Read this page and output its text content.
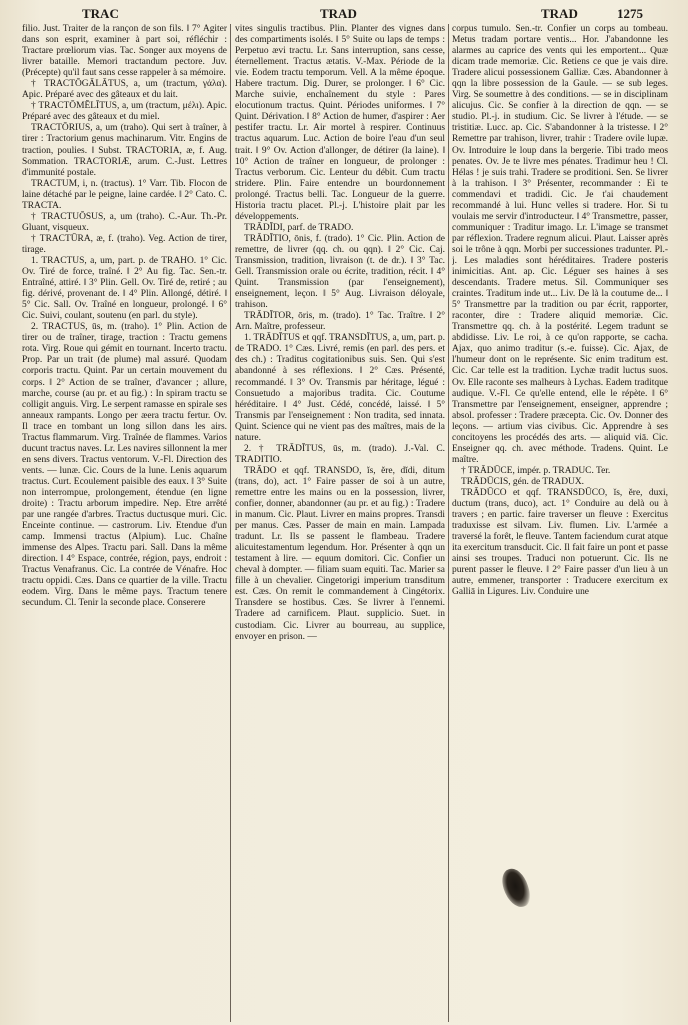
TRAC	TRAD	TRAD	1275

filio. Just. Traiter de la rançon de son fils. ‖ 7° Agiter dans son esprit, examiner à part soi, réfléchir : Tractare prœliorum vias. Tac. Songer aux moyens de livrer bataille. Memori tractandum pectore. Juv. (Précepte) qu'il faut sans cesse rappeler à sa mémoire.

† TRACTŌGĀLĀTUS, a, um (tractum, γάλα). Apic. Préparé avec des gâteaux et du lait.

† TRACTŌMĔLĪTUS, a, um (tractum, μέλι). Apic. Préparé avec des gâteaux et du miel.

TRACTŌRIUS, a, um (traho). Qui sert à traîner, à tirer : Tractorium genus machinarum. Vitr. Engins de traction, poulies. ‖ Subst. TRACTORIA, æ, f. Aug. Sommation. TRACTORIÆ, arum. C.-Just. Lettres d'immunité postale.

TRACTUM, i, n. (tractus). 1° Varr. Tib. Flocon de laine détaché par le peigne, laine cardée. ‖ 2° Cato. C. TRACTA.

† TRACTUŌSUS, a, um (traho). C.-Aur. Th.-Pr. Gluant, visqueux.

† TRACTŪRA, æ, f. (traho). Veg. Action de tirer, tirage.

1. TRACTUS, a, um, part. p. de TRAHO. 1° Cic. Ov. Tiré de force, traîné. ‖ 2° Au fig. Tac. Sen.-tr. Entraîné, attiré. ‖ 3° Plin. Gell. Ov. Tiré de, retiré ; au fig. dérivé, provenant de. ‖ 4° Plin. Allongé, détiré. ‖ 5° Cic. Sall. Ov. Traîné en longueur, prolongé. ‖ 6° Cic. Suivi, coulant, soutenu (en parl. du style).

2. TRACTUS, ūs, m. (traho). 1° Plin. Action de tirer ou de traîner, tirage, traction : Tractu gemens rota. Virg. Roue qui gémit en tournant. Incerto tractu. Prop. Par un trait (de plume) mal assuré. Quodam corporis tractu. Quint. Par un certain mouvement du corps. ‖ 2° Action de se traîner, d'avancer ; allure, marche, course (au pr. et au fig.) : In spiram tractu se colligit anguis. Virg. Le serpent ramasse en spirale ses anneaux rampants. Longo per æera tractu fertur. Ov. Il trace en tombant un long sillon dans les airs. Tractus flammarum. Virg. Traînée de flammes. Varios ducunt tractus naves. Lr. Les navires sillonnent la mer en sens divers. Tractus ventorum. V.-Fl. Direction des vents. — lunæ. Cic. Cours de la lune. Lenis aquarum tractus. Curt. Ecoulement paisible des eaux. ‖ 3° Suite non interrompue, prolongement, étendue (en ligne droite) : Tractu arborum impedire. Nep. Etre arrêté par une rangée d'arbres. Tractus ductusque muri. Cic. Enceinte continue. — castrorum. Liv. Etendue d'un camp. Immensi tractus (Alpium). Luc. Chaîne immense des Alpes. Tractu pari. Sall. Dans la même direction. ‖ 4° Espace, contrée, région, pays, endroit : Tractus Venafranus. Cic. La contrée de Vénafre. Hoc tractu oppidi. Cæs. Dans ce quartier de la ville. Tractu eodem. Virg. Dans le même pays. Tractum tenere secundum. Cl. Tenir la seconde place. Conserere

vites singulis tractibus. Plin. Planter des vignes dans des compartiments isolés. ‖ 5° Suite ou laps de temps : Perpetuo ævi tractu. Lr. Sans interruption, sans cesse, éternellement. Tractus ætatis. V.-Max. Période de la vie. Eodem tractu temporum. Vell. A la même époque. Habere tractum. Dig. Durer, se prolonger. ‖ 6° Cic. Marche suivie, enchaînement du style : Pares elocutionum tractus. Quint. Périodes uniformes. ‖ 7° Quint. Dérivation. ‖ 8° Action de humer, d'aspirer : Aer pestifer tractu. Lr. Air mortel à respirer. Continuus tractus aquarum. Luc. Action de boire l'eau d'un seul trait. ‖ 9° Ov. Action d'allonger, de détirer (la laine). ‖ 10° Action de traîner en longueur, de prolonger : Tractus verborum. Cic. Lenteur du débit. Cum tractu stridere. Plin. Faire entendre un bourdonnement prolongé. Tractus belli. Tac. Longueur de la guerre. Historia tractu placet. Pl.-j. L'histoire plait par les développements.

TRĀDĬDI, parf. de TRADO.

TRĀDĬTIO, ōnis, f. (trado). 1° Cic. Plin. Action de remettre, de livrer (qq. ch. ou qqn). ‖ 2° Cic. Caj. Transmission, tradition, livraison (t. de dr.). ‖ 3° Tac. Gell. Transmission orale ou écrite, tradition, récit. ‖ 4° Quint. Transmission (par l'enseignement), enseignement, leçon. ‖ 5° Aug. Livraison déloyale, trahison.

TRĀDĬTOR, ōris, m. (trado). 1° Tac. Traître. ‖ 2° Arn. Maître, professeur.

1. TRĀDĬTUS et qqf. TRANSDĬTUS, a, um, part. p. de TRADO. 1° Cæs. Livré, remis (en parl. des pers. et des ch.) : Traditus cogitationibus suis. Sen. Qui s'est abandonné à ses réflexions. ‖ 2° Cæs. Présenté, recommandé. ‖ 3° Ov. Transmis par héritage, légué : Consuetudo a majoribus tradita. Cic. Coutume héréditaire. ‖ 4° Just. Cédé, concédé, laissé. ‖ 5° Transmis par l'enseignement : Non tradita, sed innata. Quint. Science qui ne vient pas des maîtres, mais de la nature.

2. † TRĀDĬTUS, ūs, m. (trado). J.-Val. C. TRADITIO.

TRĀDO et qqf. TRANSDO, ĭs, ĕre, dĭdi, ditum (trans, do), act. 1° Faire passer de soi à un autre, remettre entre les mains ou en la possession, livrer, confier, donner, abandonner (au pr. et au fig.) : Tradere in manum. Cic. Plaut. Livrer en mains propres. Transdi per manus. Cæs. Passer de main en main. Lampada tradunt. Lr. Ils se passent le flambeau. Tradere alicuitestamentum legendum. Hor. Présenter à qqn un testament à lire. — equum domitori. Cic. Confier un cheval à dompter. — filiam suam equiti. Tac. Marier sa fille à un chevalier. Cingetorigi imperium transditum est. Cæs. On remit le commandement à Cingétorix. Transdere se hostibus. Cæs. Se livrer à l'ennemi. Tradere ad carnificem. Plaut. supplicio. Suet. in custodiam. Cic. Livrer au bourreau, au supplice, envoyer en prison. —

corpus tumulo. Sen.-tr. Confier un corps au tombeau. Metus tradam portare ventis... Hor. J'abandonne les alarmes au caprice des vents qui les emportent... Quæ dicam trade memoriæ. Cic. Retiens ce que je vais dire. Tradere alicui possessionem Galliæ. Cæs. Abandonner à qqn la libre possession de la Gaule. — se sub leges. Virg. Se soumettre à des conditions. — se in disciplinam alicujus. Cic. Se confier à la direction de qqn. — se studio. Pl.-j. in studium. Cic. Se livrer à l'étude. — se tristitiæ. Lucc. ap. Cic. S'abandonner à la tristesse. ‖ 2° Remettre par trahison, livrer, trahir : Tradere ovile lupæ. Ov. Introduire le loup dans la bergerie. Tibi trado meos penates. Ov. Je te livre mes pénates. Tradimur heu ! Cl. Hélas ! je suis trahi. Tradere se proditioni. Sen. Se livrer à la trahison. ‖ 3° Présenter, recommander : Ei te commendavi et tradidi. Cic. Je t'ai chaudement recommandé à lui. Hunc velles si tradere. Hor. Si tu voulais me servir d'introducteur. ‖ 4° Transmettre, passer, communiquer : Traditur imago. Lr. L'image se transmet par réflexion. Tradere regnum alicui. Plaut. Laisser après soi le trône à qqn. Morbi per successiones tradunter. Pl.-j. Les maladies sont héréditaires. Tradere posteris inimicitias. Ant. ap. Cic. Léguer ses haines à ses descendants. Tradere metus. Sil. Communiquer ses craintes. Traditum inde ut... Liv. De là la coutume de... ‖ 5° Transmettre par la tradition ou par écrit, rapporter, raconter, dire : Tradere aliquid memoriæ. Cic. Transmettre qq. ch. à la postérité. Legem tradunt se abdidisse. Liv. Le roi, à ce qu'on rapporte, se cacha. Ajax, quo animo traditur (s.-e. fuisse). Cic. Ajax, de l'humeur dont on le représente. Sic enim traditum est. Cic. Car telle est la tradition. Lychæ tradit luctus suos. Ov. Elle raconte ses malheurs à Lychas. Eadem traditque audique. V.-Fl. Ce qu'elle entend, elle le répète. ‖ 6° Transmettre par l'enseignement, enseigner, apprendre ; absol. professer : Tradere præcepta. Cic. Ov. Donner des leçons. — artium vias civibus. Cic. Apprendre à ses concitoyens les procédés des arts. — aliquid viā. Cic. Enseigner qq. ch. avec méthode. Tradens. Quint. Le maître.

† TRĀDŪCE, impér. p. TRADUC. Ter.

TRĀDŪCIS, gén. de TRADUX.

TRĀDŪCO et qqf. TRANSDŪCO, ĭs, ĕre, duxi, ductum (trans, duco), act. 1° Conduire au delà ou à travers ; en partic. faire traverser un fleuve : Exercitus traduxisse est silvam. Liv. flumen. Liv. L'armée a traversé la forêt, le fleuve. Tantem faciendum curat atque ita exercitum transducit. Cic. Il fait faire un pont et passe ainsi ses troupes. Traduci non potuerunt. Cic. Ils ne purent passer le fleuve. ‖ 2° Faire passer d'un lieu à un autre, emmener, transporter : Traducere exercitum ex Galliā in Ligures. Liv. Conduire une
